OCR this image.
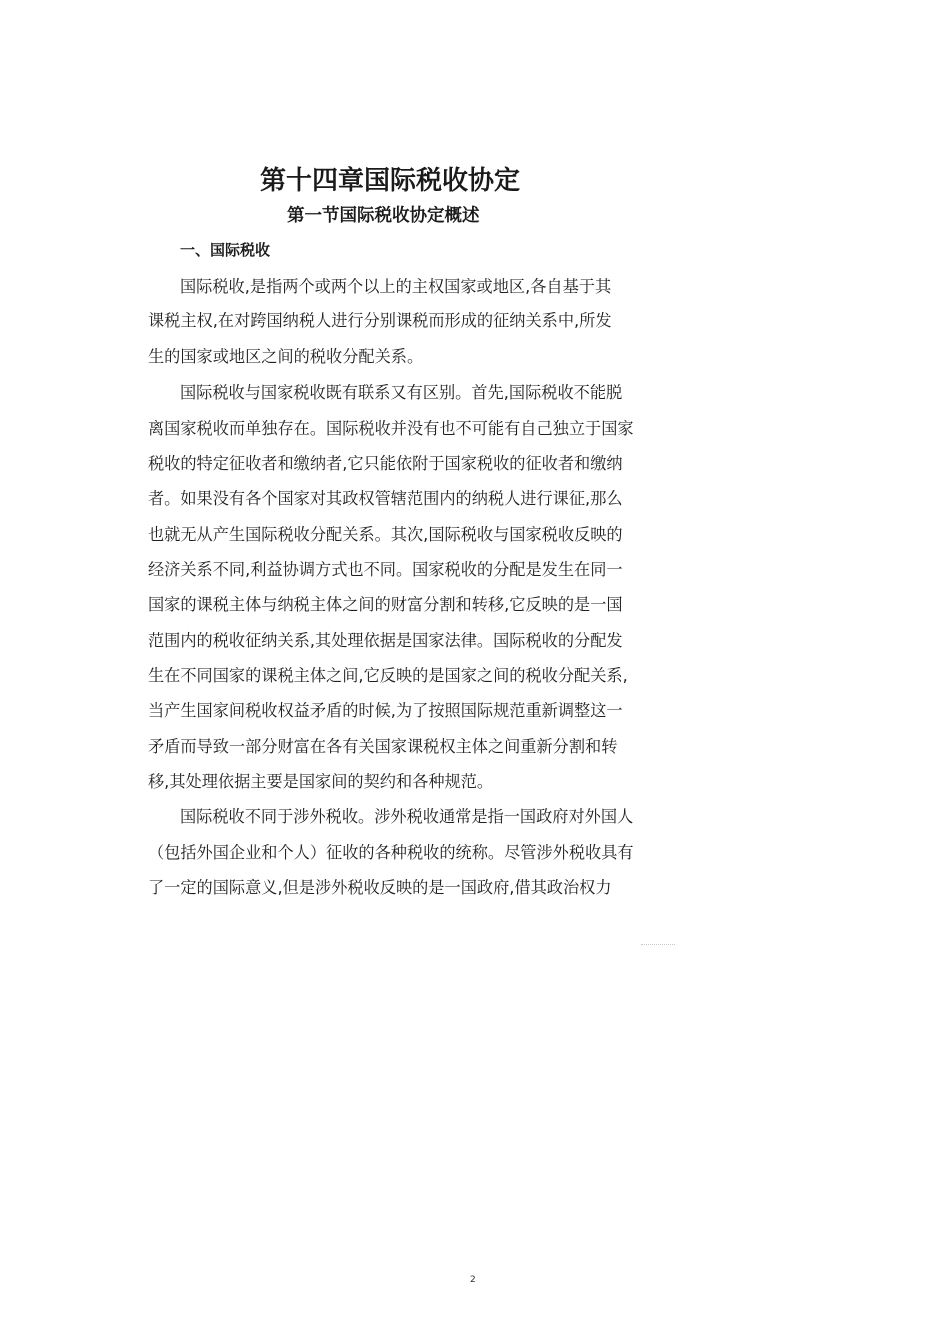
第十四章国际税收协定
第一节国际税收协定概述
一、国际税收
国际税收,是指两个或两个以上的主权国家或地区,各自基于其
课税主权,在对跨国纳税人进行分别课税而形成的征纳关系中,所发
生的国家或地区之间的税收分配关系。
国际税收与国家税收既有联系又有区别。首先,国际税收不能脱
离国家税收而单独存在。国际税收并没有也不可能有自己独立于国家
税收的特定征收者和缴纳者,它只能依附于国家税收的征收者和缴纳
者。如果没有各个国家对其政权管辖范围内的纳税人进行课征,那么
也就无从产生国际税收分配关系。其次,国际税收与国家税收反映的
经济关系不同,利益协调方式也不同。国家税收的分配是发生在同一
国家的课税主体与纳税主体之间的财富分割和转移,它反映的是一国
范围内的税收征纳关系,其处理依据是国家法律。国际税收的分配发
生在不同国家的课税主体之间,它反映的是国家之间的税收分配关系,
当产生国家间税收权益矛盾的时候,为了按照国际规范重新调整这一
矛盾而导致一部分财富在各有关国家课税权主体之间重新分割和转
移,其处理依据主要是国家间的契约和各种规范。
国际税收不同于涉外税收。涉外税收通常是指一国政府对外国人
（包括外国企业和个人）征收的各种税收的统称。尽管涉外税收具有
了一定的国际意义,但是涉外税收反映的是一国政府,借其政治权力
2
